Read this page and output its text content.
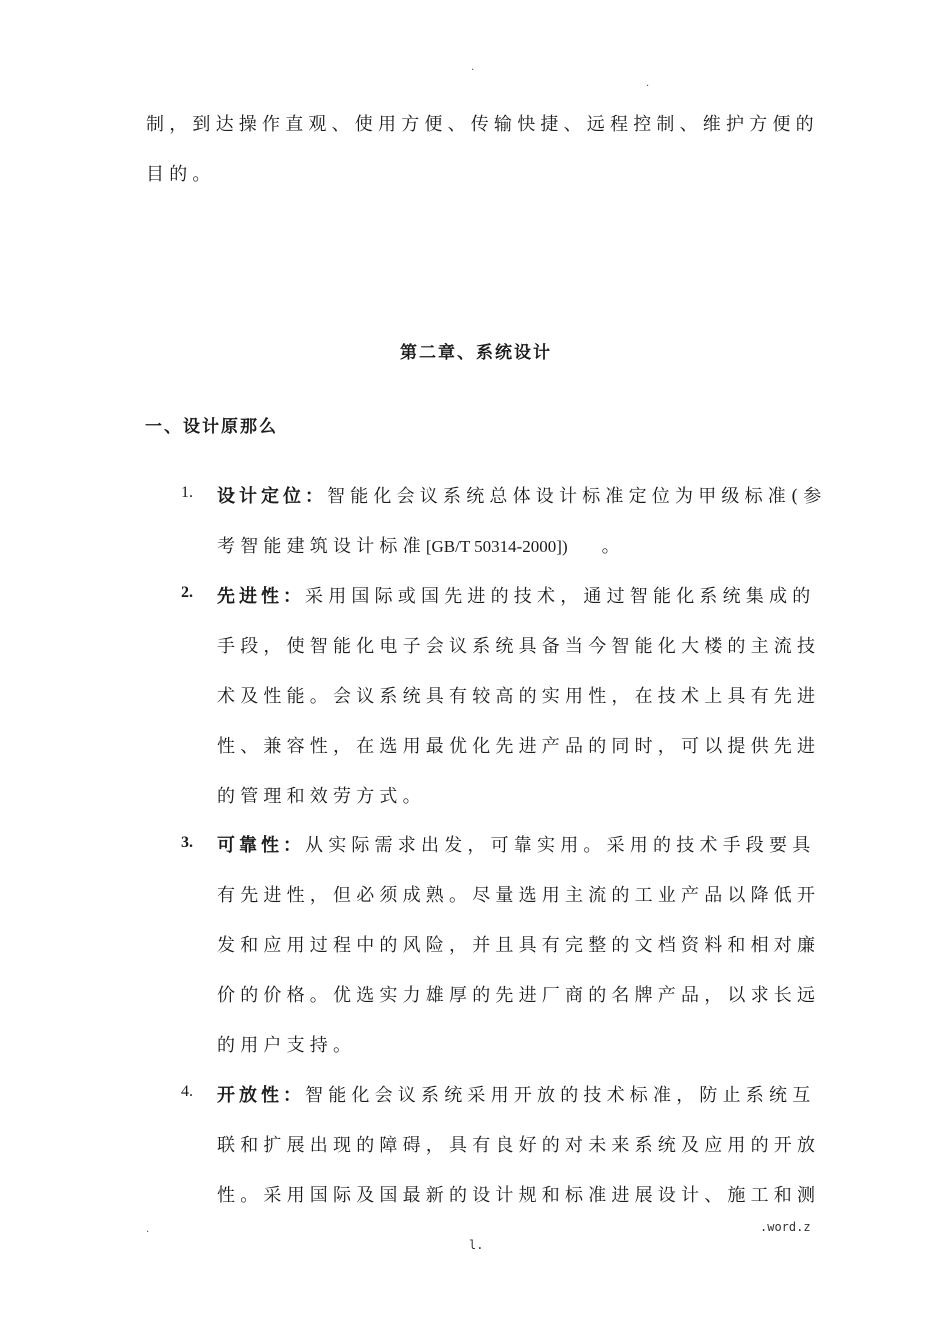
.
.
制，到达操作直观、使用方便、传输快捷、远程控制、维护方便的
目的。
第二章、系统设计
一、设计原那么
1. 设计定位：智能化会议系统总体设计标准定位为甲级标准(参
考智能建筑设计标准[GB/T 50314-2000]) 。
2. 先进性：采用国际或国先进的技术，通过智能化系统集成的
手段，使智能化电子会议系统具备当今智能化大楼的主流技
术及性能。会议系统具有较高的实用性，在技术上具有先进
性、兼容性，在选用最优化先进产品的同时，可以提供先进
的管理和效劳方式。
3. 可靠性：从实际需求出发，可靠实用。采用的技术手段要具
有先进性，但必须成熟。尽量选用主流的工业产品以降低开
发和应用过程中的风险，并且具有完整的文档资料和相对廉
价的价格。优选实力雄厚的先进厂商的名牌产品，以求长远
的用户支持。
4. 开放性：智能化会议系统采用开放的技术标准，防止系统互
联和扩展出现的障碍，具有良好的对未来系统及应用的开放
性。采用国际及国最新的设计规和标准进展设计、施工和测
.	.word.z
l.
